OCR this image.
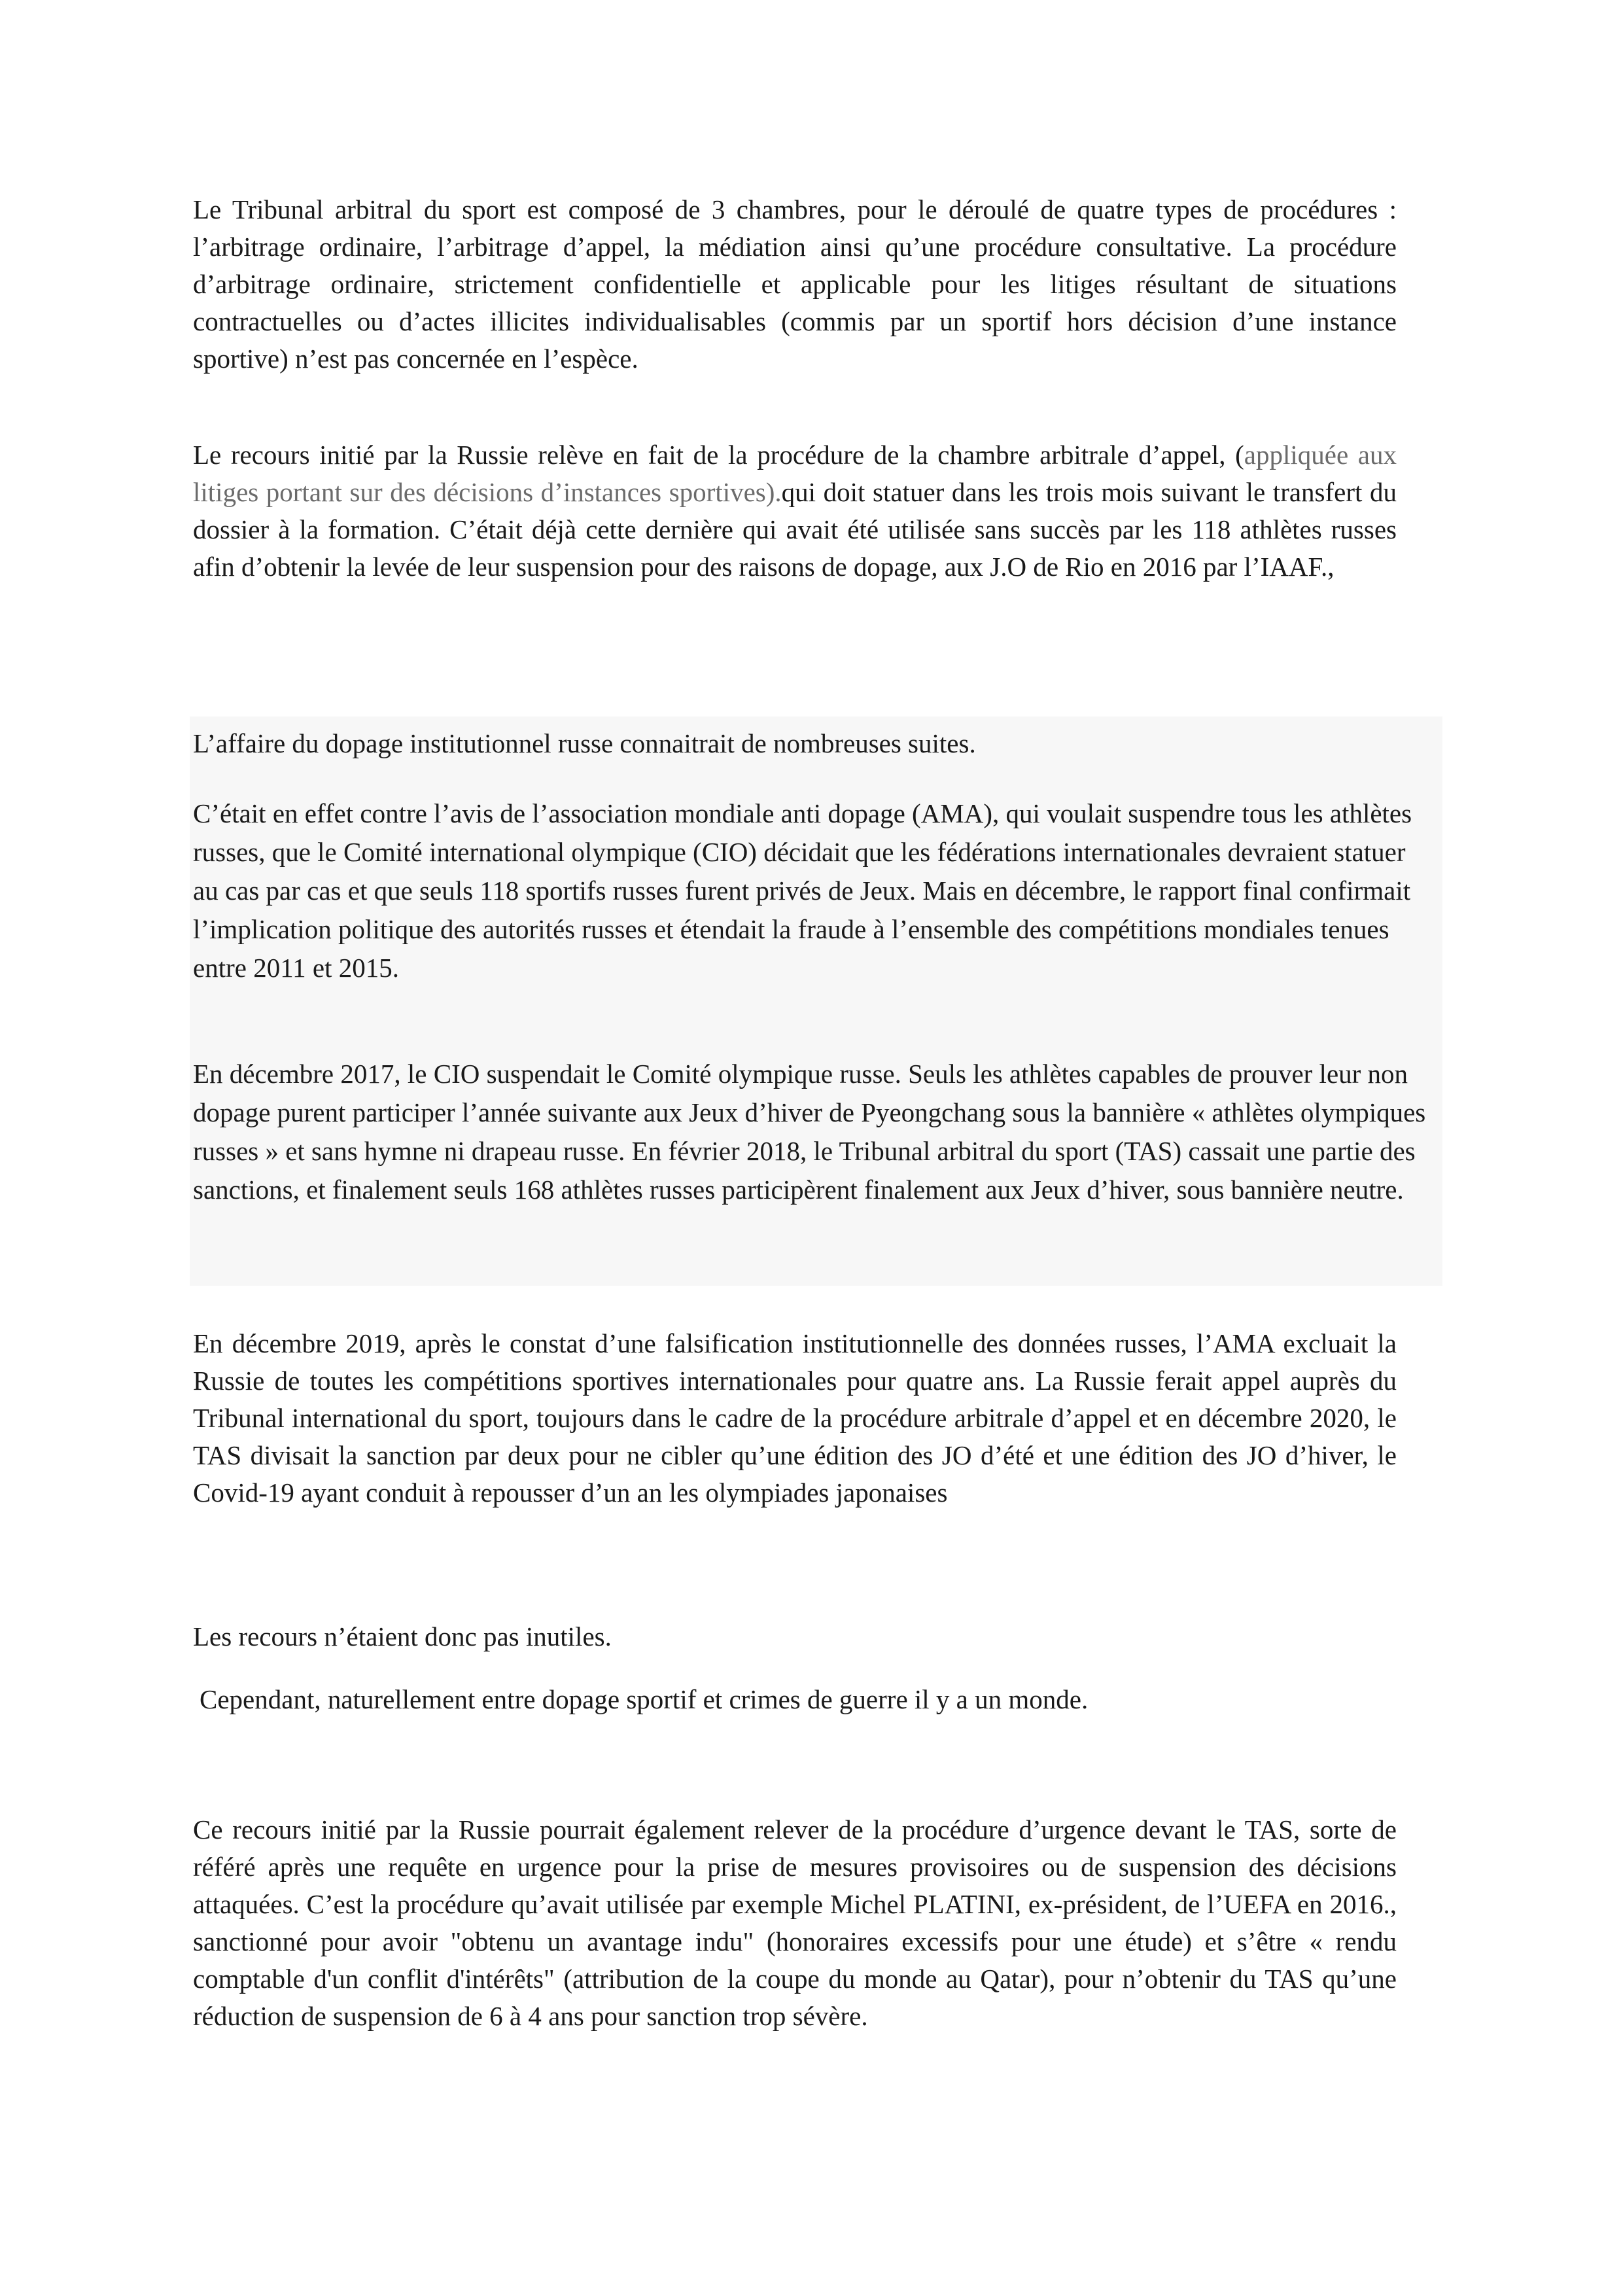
Le Tribunal arbitral du sport est composé de 3 chambres, pour le déroulé de quatre types de procédures : l’arbitrage ordinaire, l’arbitrage d’appel, la médiation ainsi qu’une procédure consultative. La procédure d’arbitrage ordinaire, strictement confidentielle et applicable pour les litiges résultant de situations contractuelles ou d’actes illicites individualisables (commis par un sportif hors décision d’une instance sportive) n’est pas concernée en l’espèce.

Le recours initié par la Russie relève en fait de la procédure de la chambre arbitrale d’appel, (appliquée aux litiges portant sur des décisions d’instances sportives).qui doit statuer dans les trois mois suivant le transfert du dossier à la formation. C’était déjà cette dernière qui avait été utilisée sans succès par les 118 athlètes russes afin d’obtenir la levée de leur suspension pour des raisons de dopage, aux J.O de Rio en 2016 par l’IAAF.,

L’affaire du dopage institutionnel russe connaitrait de nombreuses suites.

C’était en effet contre l’avis de l’association mondiale anti dopage (AMA), qui voulait suspendre tous les athlètes russes, que le Comité international olympique (CIO) décidait que les fédérations internationales devraient statuer au cas par cas et que seuls 118 sportifs russes furent privés de Jeux. Mais en décembre, le rapport final confirmait l’implication politique des autorités russes et étendait la fraude à l’ensemble des compétitions mondiales tenues entre 2011 et 2015.

En décembre 2017, le CIO suspendait le Comité olympique russe. Seuls les athlètes capables de prouver leur non dopage purent participer l’année suivante aux Jeux d’hiver de Pyeongchang sous la bannière « athlètes olympiques russes » et sans hymne ni drapeau russe. En février 2018, le Tribunal arbitral du sport (TAS) cassait une partie des sanctions, et finalement seuls 168 athlètes russes participèrent finalement aux Jeux d’hiver, sous bannière neutre.

En décembre 2019, après le constat d’une falsification institutionnelle des données russes, l’AMA excluait la Russie de toutes les compétitions sportives internationales pour quatre ans. La Russie ferait appel auprès du Tribunal international du sport, toujours dans le cadre de la procédure arbitrale d’appel et en décembre 2020, le TAS divisait la sanction par deux pour ne cibler qu’une édition des JO d’été et une édition des JO d’hiver, le Covid-19 ayant conduit à repousser d’un an les olympiades japonaises

Les recours n’étaient donc pas inutiles.

Cependant, naturellement entre dopage sportif et crimes de guerre il y a un monde.

Ce recours initié par la Russie pourrait également relever de la procédure d’urgence devant le TAS, sorte de référé après une requête en urgence pour la prise de mesures provisoires ou de suspension des décisions attaquées. C’est la procédure qu’avait utilisée par exemple Michel PLATINI, ex-président, de l’UEFA en 2016., sanctionné pour avoir "obtenu un avantage indu" (honoraires excessifs pour une étude) et s’être « rendu comptable d'un conflit d'intérêts" (attribution de la coupe du monde au Qatar), pour n’obtenir du TAS qu’une réduction de suspension de 6 à 4 ans pour sanction trop sévère.
